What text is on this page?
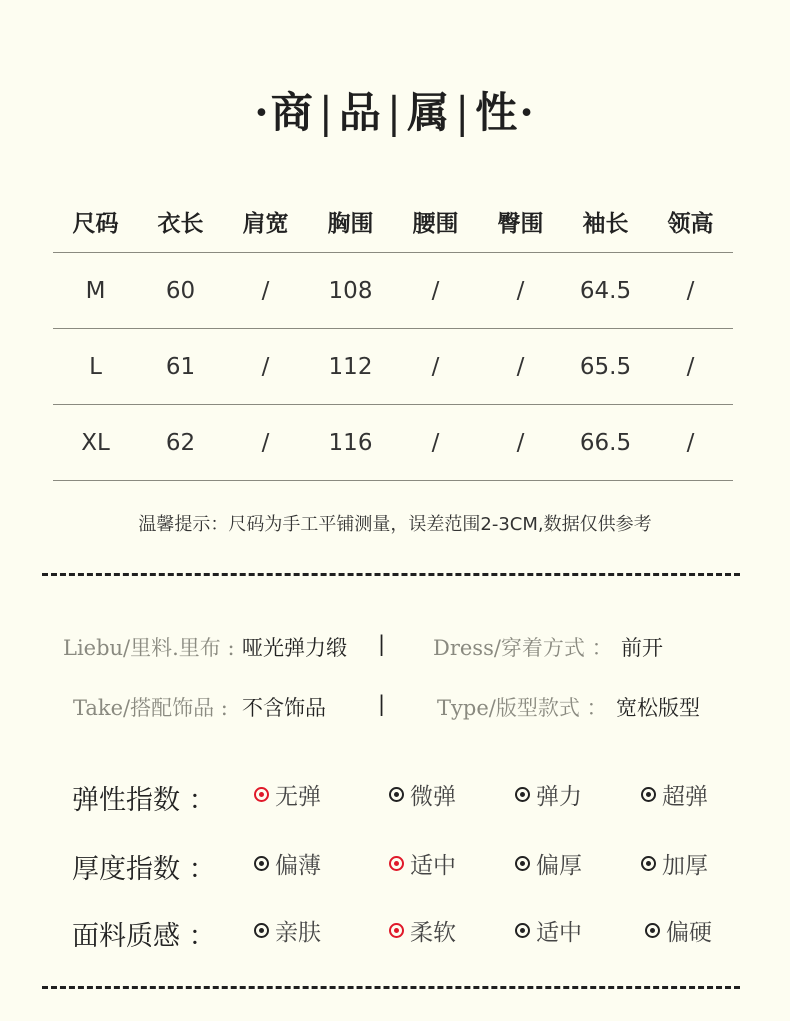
·商|品|属|性·
尺码	衣长	肩宽	胸围	腰围	臀围	袖长	领高
M	60	/	108	/	/	64.5	/
L	61	/	112	/	/	65.5	/
XL	62	/	116	/	/	66.5	/
温馨提示：尺码为手工平铺测量，误差范围2-3CM,数据仅供参考
Liebu/里料.里布 : 哑光弹力缎 | Dress/穿着方式 ： 前开
Take/搭配饰品 : 不含饰品 | Type/版型款式 ： 宽松版型
弹性指数 ：	无弹	微弹	弹力	超弹
厚度指数 ：	偏薄	适中	偏厚	加厚
面料质感 ：	亲肤	柔软	适中	偏硬
